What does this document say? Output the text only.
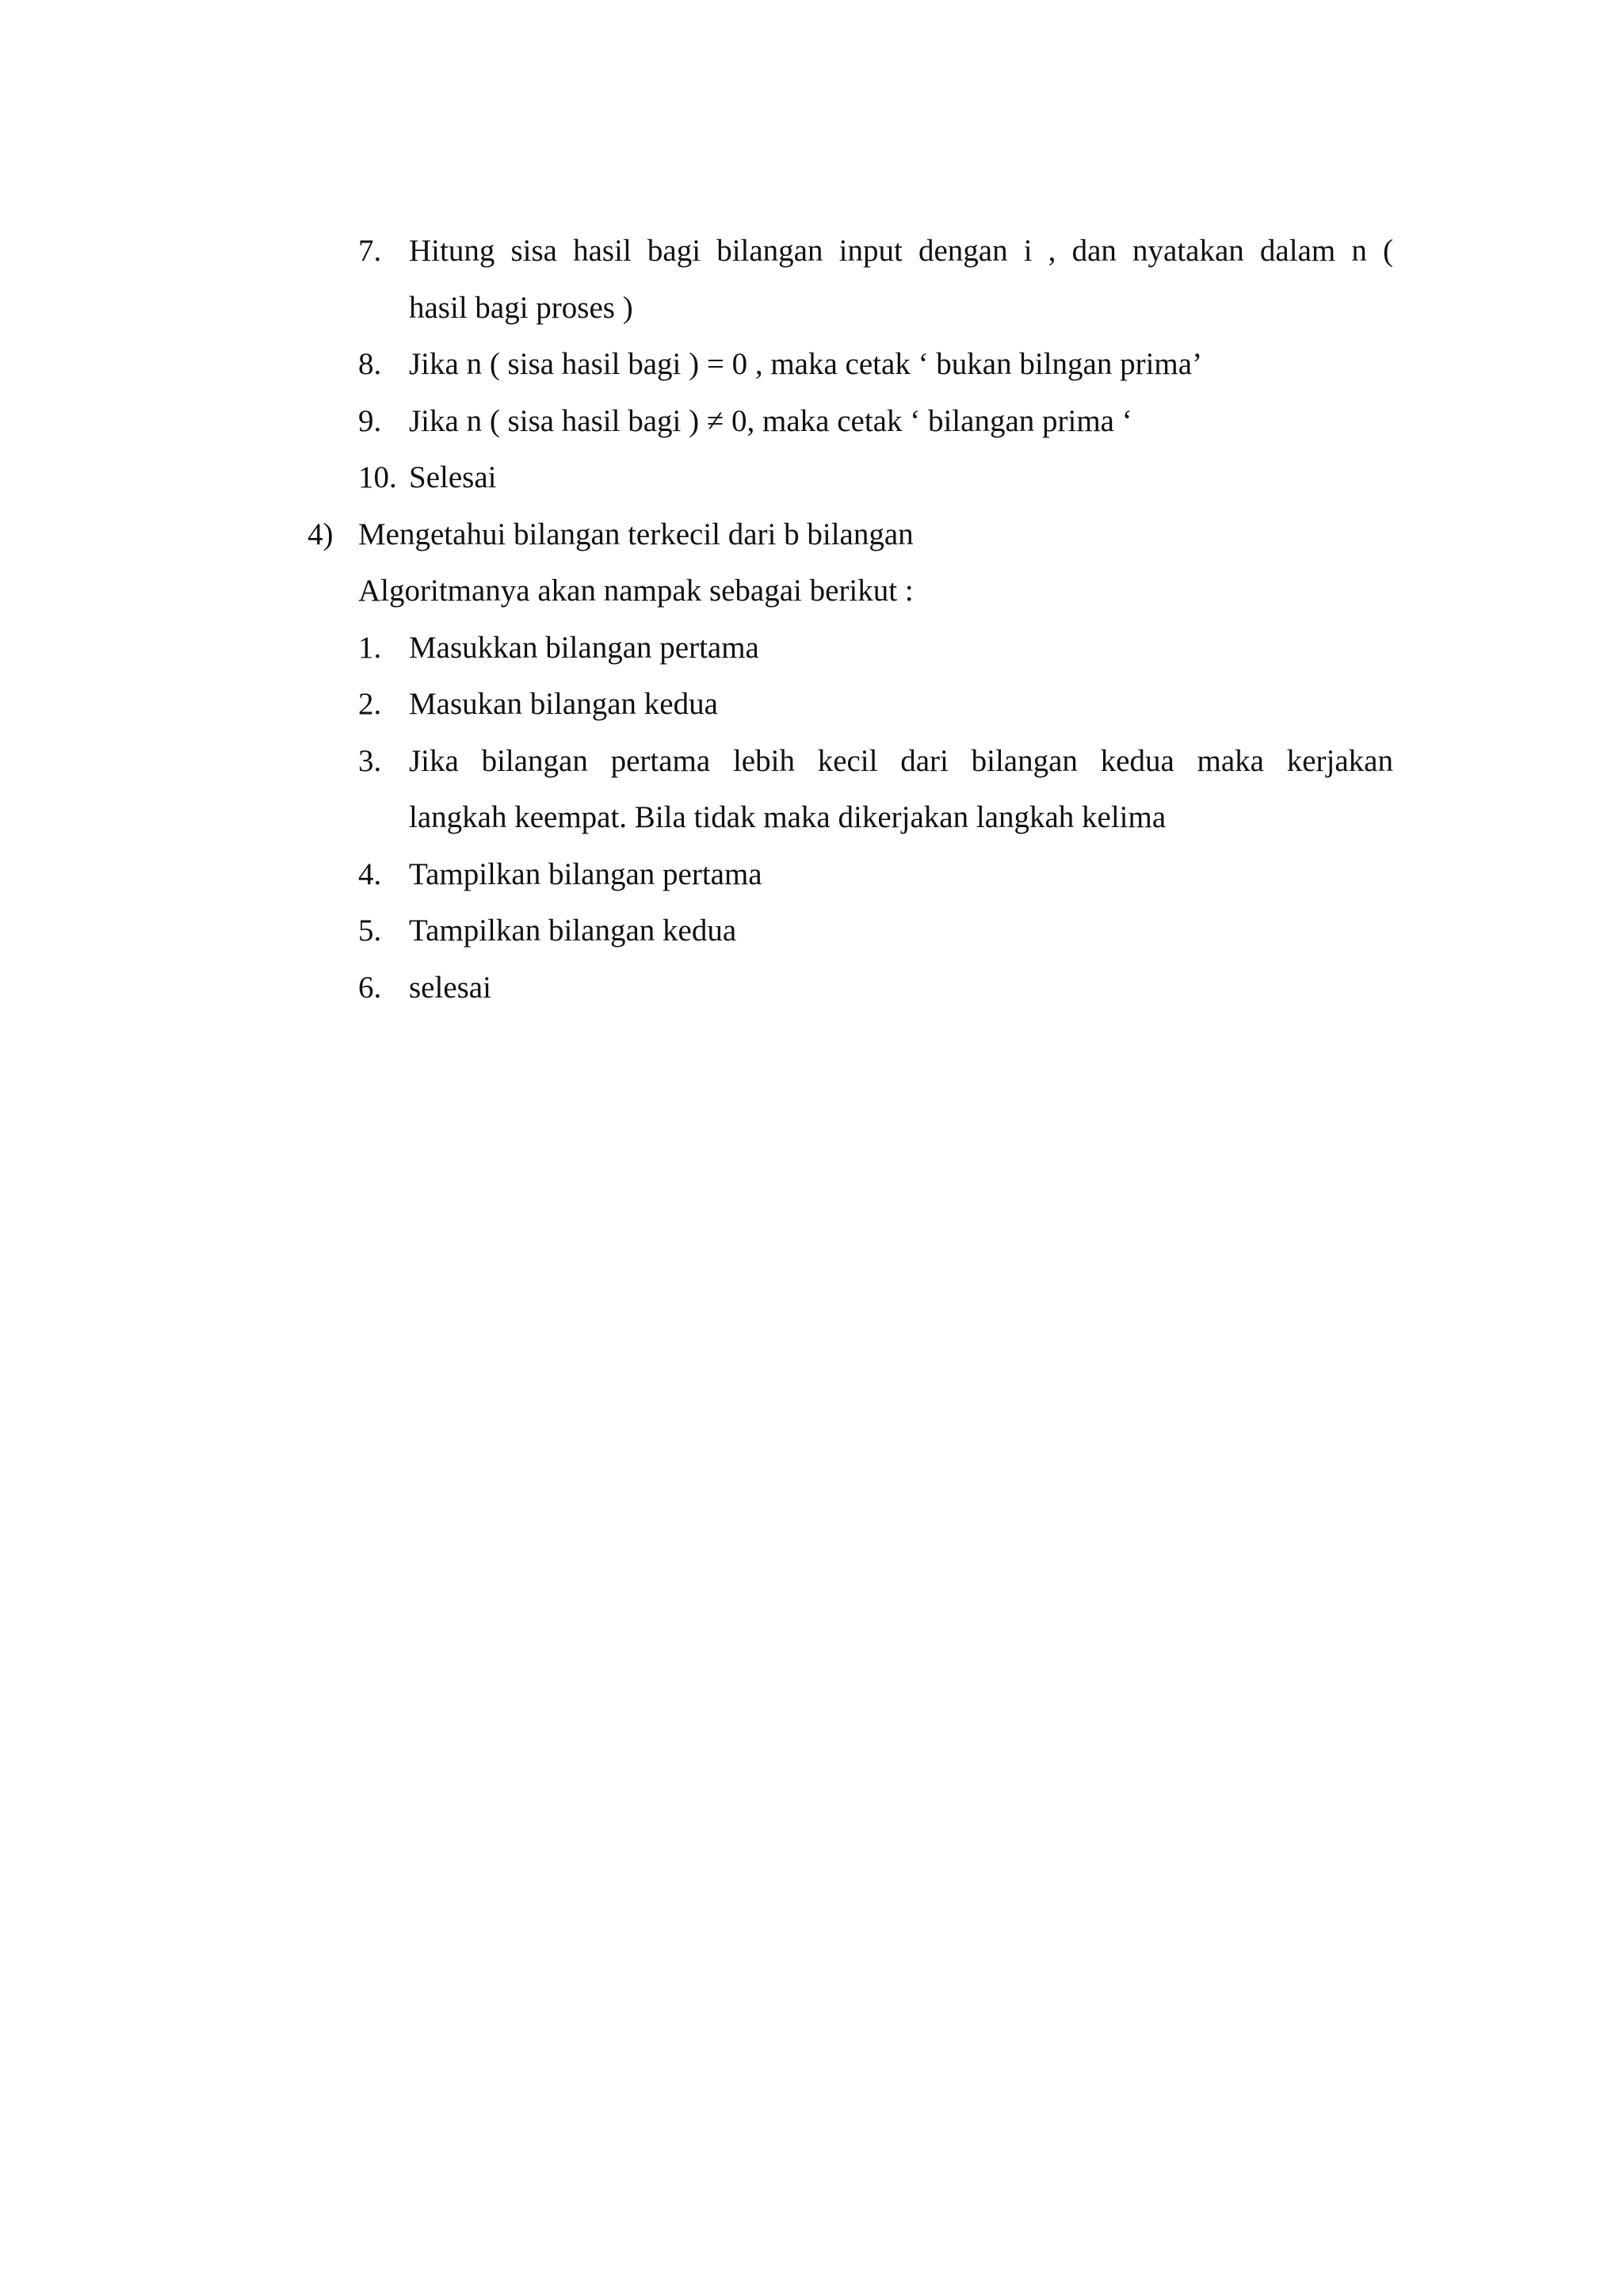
7. Hitung sisa hasil bagi bilangan input dengan i , dan nyatakan dalam n (
hasil bagi proses )
8. Jika n ( sisa hasil bagi ) = 0 , maka cetak ‘ bukan bilngan prima’
9. Jika n ( sisa hasil bagi ) ≠ 0, maka cetak ‘ bilangan prima ‘
10. Selesai
4) Mengetahui bilangan terkecil dari b bilangan
Algoritmanya akan nampak sebagai berikut :
1. Masukkan bilangan pertama
2. Masukan bilangan kedua
3. Jika bilangan pertama lebih kecil dari bilangan kedua maka kerjakan
langkah keempat. Bila tidak maka dikerjakan langkah kelima
4. Tampilkan bilangan pertama
5. Tampilkan bilangan kedua
6. selesai
